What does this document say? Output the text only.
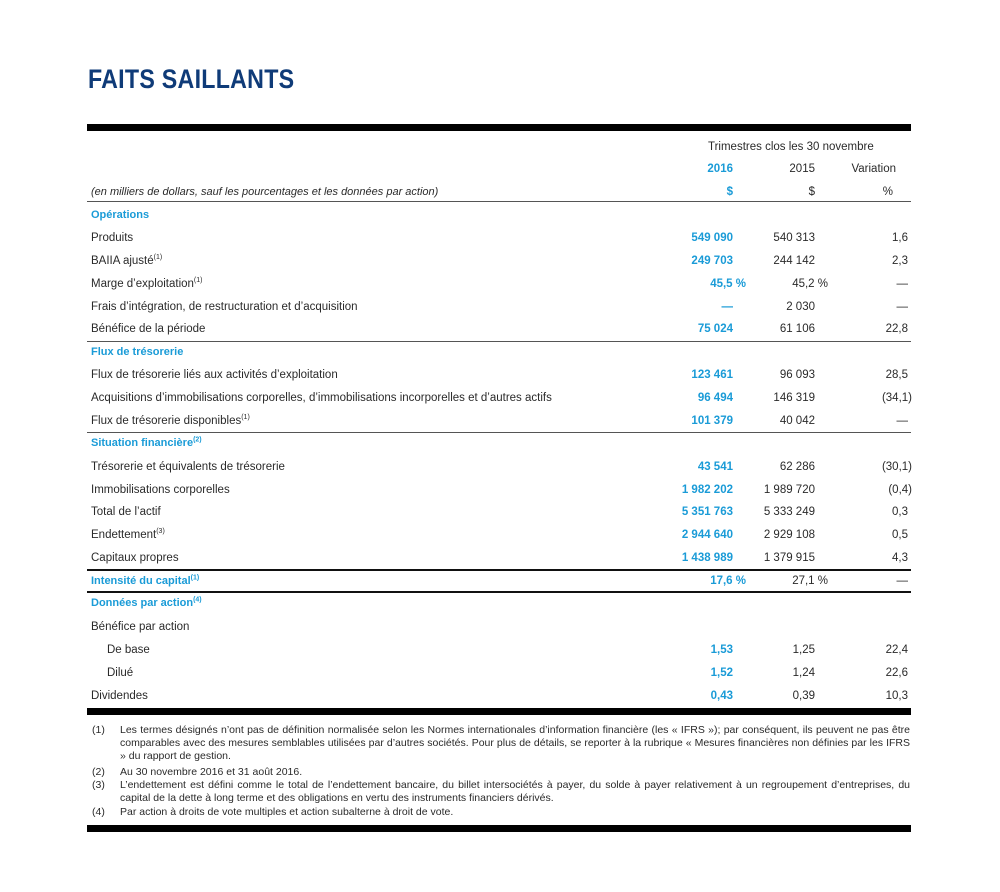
FAITS SAILLANTS
Trimestres clos les 30 novembre
2016	2015	Variation
(en milliers de dollars, sauf les pourcentages et les données par action)	$	$	%
Opérations
Produits	549 090	540 313	1,6
BAIIA ajusté$^{(1)}$	249 703	244 142	2,3
Marge d’exploitation$^{(1)}$	45,5 %	45,2 %	—
Frais d’intégration, de restructuration et d’acquisition	—	2 030	—
Bénéfice de la période	75 024	61 106	22,8
Flux de trésorerie
Flux de trésorerie liés aux activités d’exploitation	123 461	96 093	28,5
Acquisitions d’immobilisations corporelles, d’immobilisations incorporelles et d’autres actifs	96 494	146 319	(34,1)
Flux de trésorerie disponibles$^{(1)}$	101 379	40 042	—
Situation financière$^{(2)}$
Trésorerie et équivalents de trésorerie	43 541	62 286	(30,1)
Immobilisations corporelles	1 982 202	1 989 720	(0,4)
Total de l’actif	5 351 763	5 333 249	0,3
Endettement$^{(3)}$	2 944 640	2 929 108	0,5
Capitaux propres	1 438 989	1 379 915	4,3
Intensité du capital$^{(1)}$	17,6 %	27,1 %	—
Données par action$^{(4)}$
Bénéfice par action
De base	1,53	1,25	22,4
Dilué	1,52	1,24	22,6
Dividendes	0,43	0,39	10,3
(1) Les termes désignés n’ont pas de définition normalisée selon les Normes internationales d’information financière (les « IFRS »); par conséquent, ils peuvent ne pas être comparables avec des mesures semblables utilisées par d’autres sociétés. Pour plus de détails, se reporter à la rubrique « Mesures financières non définies par les IFRS » du rapport de gestion.
(2) Au 30 novembre 2016 et 31 août 2016.
(3) L’endettement est défini comme le total de l’endettement bancaire, du billet intersociétés à payer, du solde à payer relativement à un regroupement d’entreprises, du capital de la dette à long terme et des obligations en vertu des instruments financiers dérivés.
(4) Par action à droits de vote multiples et action subalterne à droit de vote.
